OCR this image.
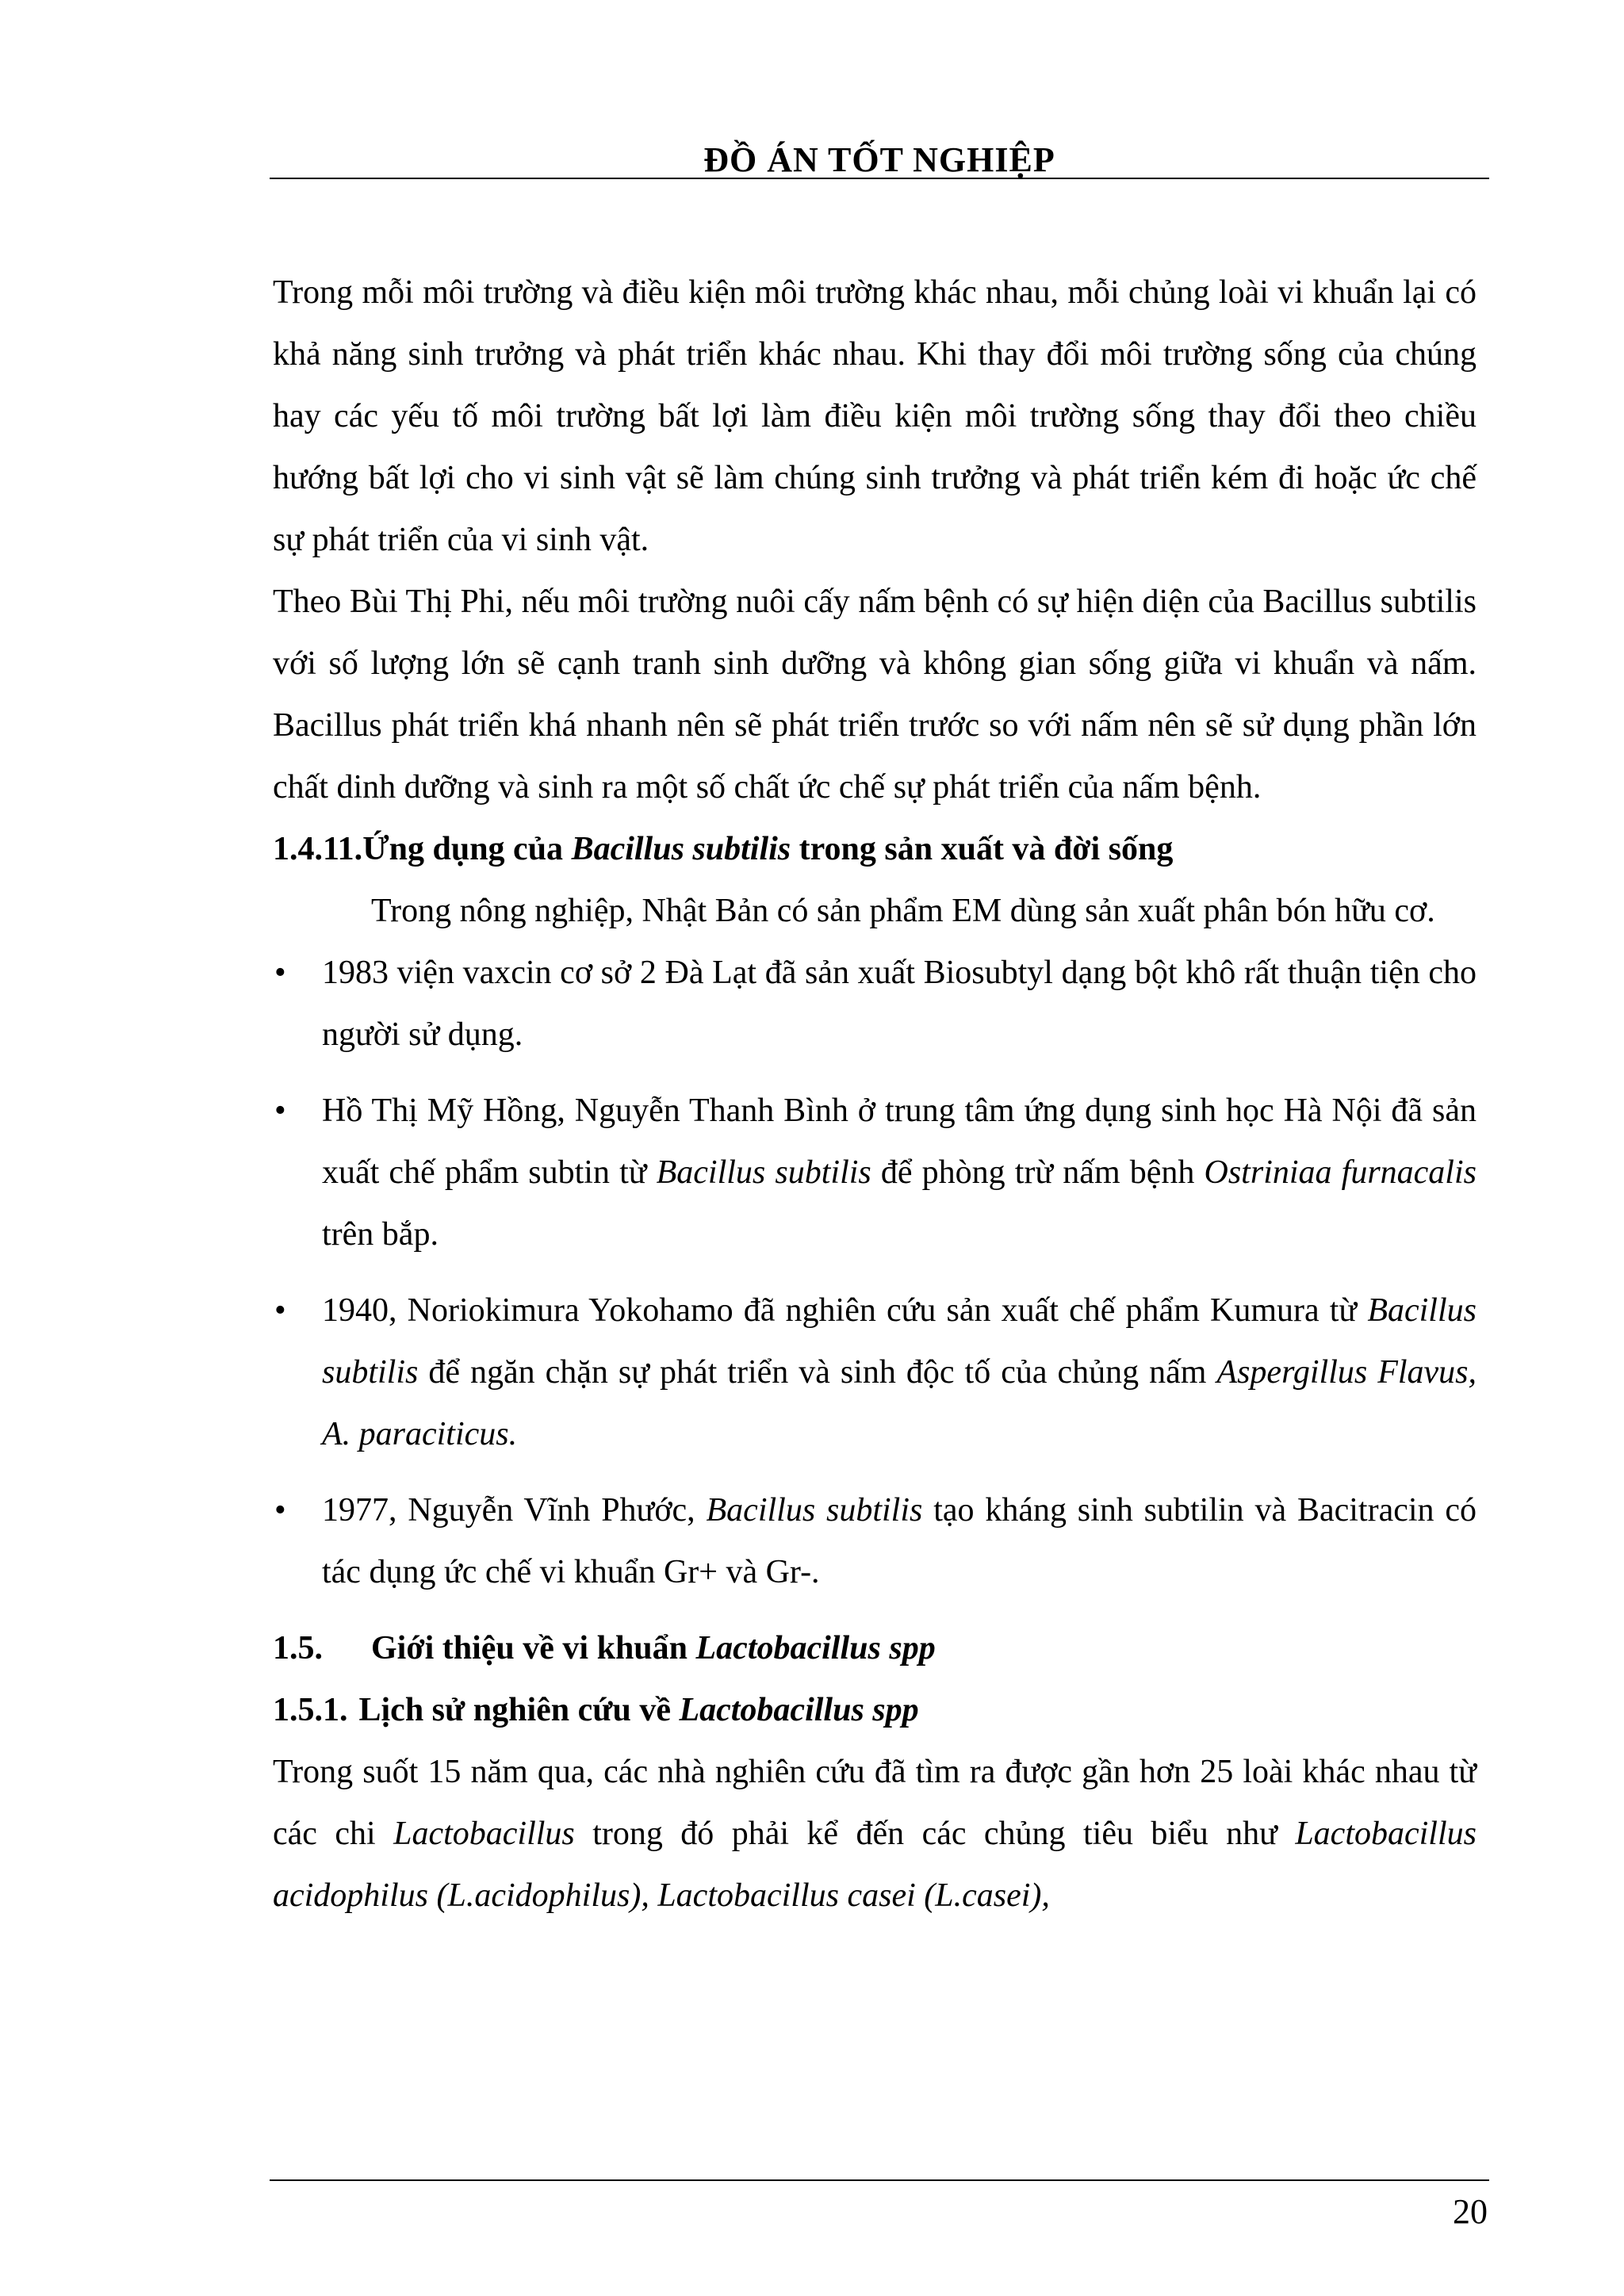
ĐỒ ÁN TỐT NGHIỆP

Trong mỗi môi trường và điều kiện môi trường khác nhau, mỗi chủng loài vi khuẩn lại có khả năng sinh trưởng và phát triển khác nhau. Khi thay đổi môi trường sống của chúng hay các yếu tố môi trường bất lợi làm điều kiện môi trường sống thay đổi theo chiều hướng bất lợi cho vi sinh vật sẽ làm chúng sinh trưởng và phát triển kém đi hoặc ức chế sự phát triển của vi sinh vật.

Theo Bùi Thị Phi, nếu môi trường nuôi cấy nấm bệnh có sự hiện diện của Bacillus subtilis với số lượng lớn sẽ cạnh tranh sinh dưỡng và không gian sống giữa vi khuẩn và nấm. Bacillus phát triển khá nhanh nên sẽ phát triển trước so với nấm nên sẽ sử dụng phần lớn chất dinh dưỡng và sinh ra một số chất ức chế sự phát triển của nấm bệnh.

1.4.11.Ứng dụng của Bacillus subtilis trong sản xuất và đời sống

Trong nông nghiệp, Nhật Bản có sản phẩm EM dùng sản xuất phân bón hữu cơ.

• 1983 viện vaxcin cơ sở 2 Đà Lạt đã sản xuất Biosubtyl dạng bột khô rất thuận tiện cho người sử dụng.
• Hồ Thị Mỹ Hồng, Nguyễn Thanh Bình ở trung tâm ứng dụng sinh học Hà Nội đã sản xuất chế phẩm subtin từ Bacillus subtilis để phòng trừ nấm bệnh Ostriniaa furnacalis trên bắp.
• 1940, Noriokimura Yokohamo đã nghiên cứu sản xuất chế phẩm Kumura từ Bacillus subtilis để ngăn chặn sự phát triển và sinh độc tố của chủng nấm Aspergillus Flavus, A. paraciticus.
• 1977, Nguyễn Vĩnh Phước, Bacillus subtilis tạo kháng sinh subtilin và Bacitracin có tác dụng ức chế vi khuẩn Gr+ và Gr-.

1.5. Giới thiệu về vi khuẩn Lactobacillus spp

1.5.1. Lịch sử nghiên cứu về Lactobacillus spp

Trong suốt 15 năm qua, các nhà nghiên cứu đã tìm ra được gần hơn 25 loài khác nhau từ các chi Lactobacillus trong đó phải kể đến các chủng tiêu biểu như Lactobacillus acidophilus (L.acidophilus), Lactobacillus casei (L.casei),

20
